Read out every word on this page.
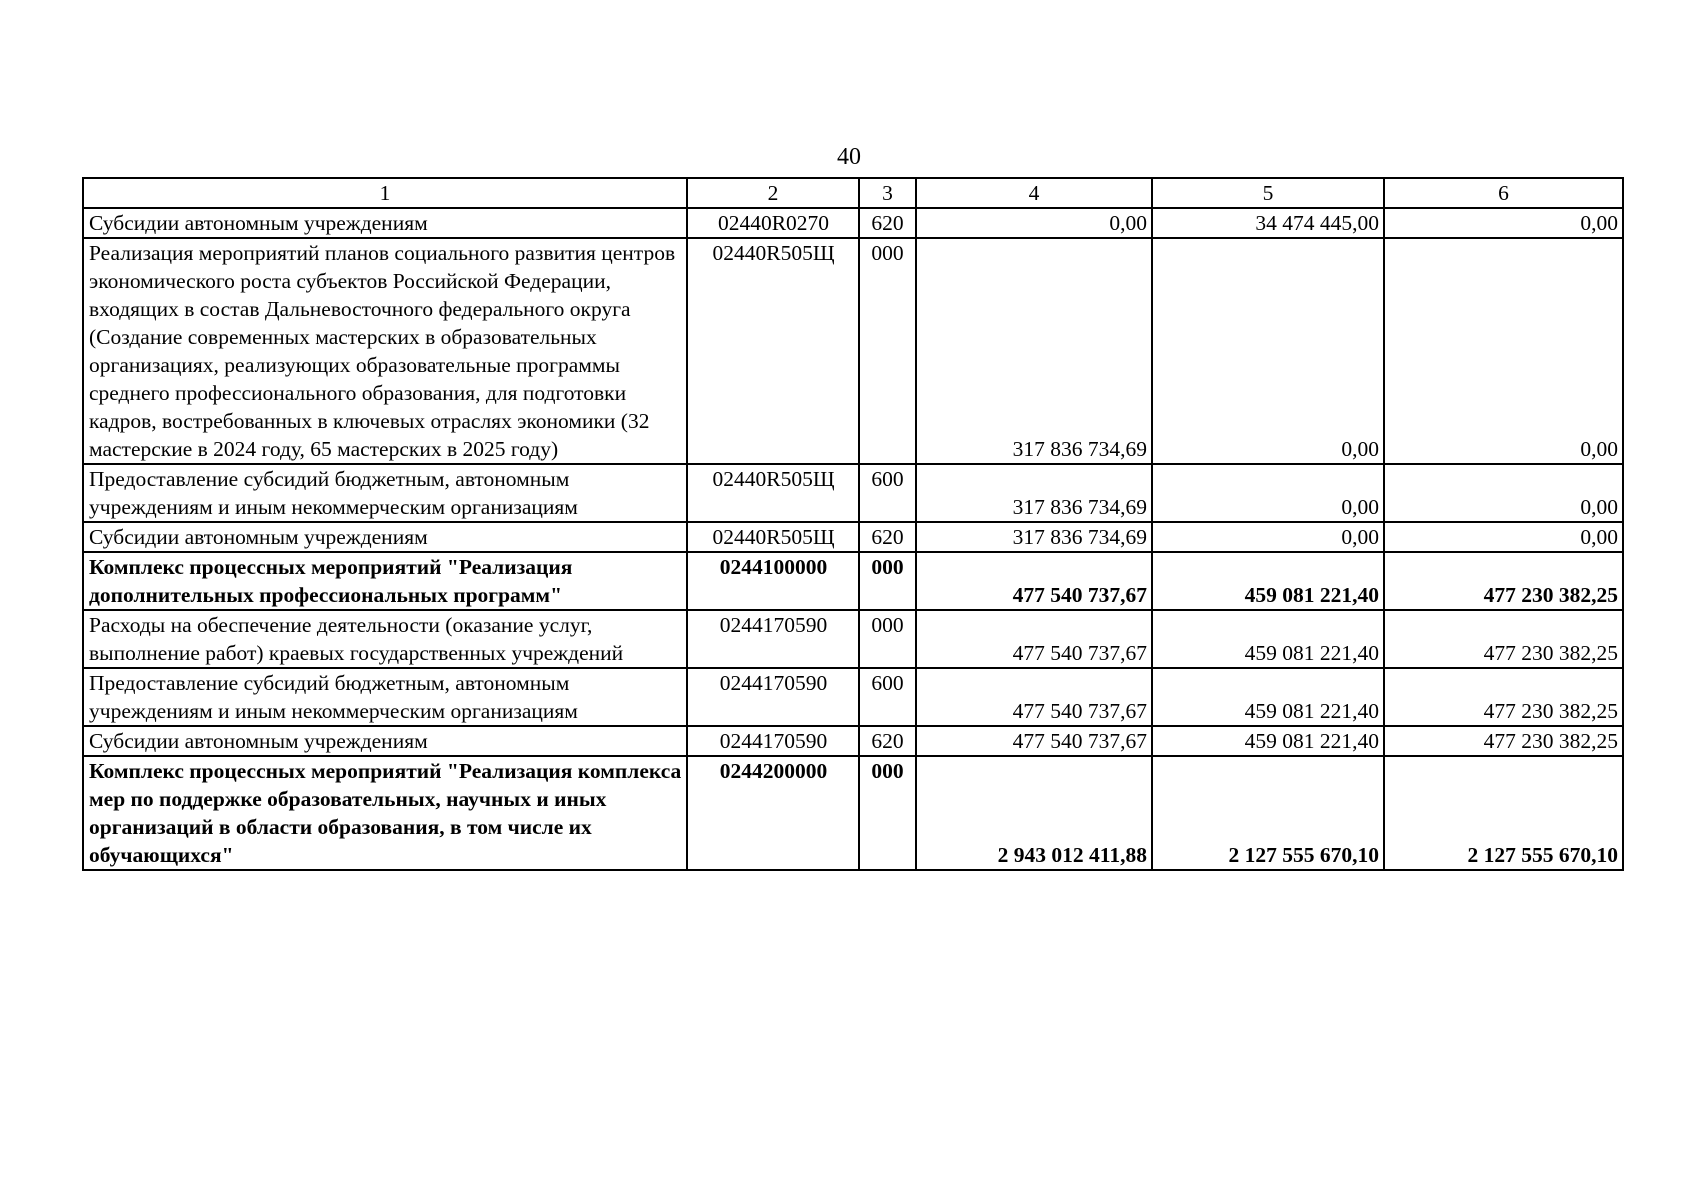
40
1	2	3	4	5	6
Субсидии автономным учреждениям	02440R0270	620	0,00	34 474 445,00	0,00
Реализация мероприятий планов социального развития центров экономического роста субъектов Российской Федерации, входящих в состав Дальневосточного федерального округа (Создание современных мастерских в образовательных организациях, реализующих образовательные программы среднего профессионального образования, для подготовки кадров, востребованных в ключевых отраслях экономики (32 мастерские в 2024 году, 65 мастерских в 2025 году)	02440R505Щ	000	317 836 734,69	0,00	0,00
Предоставление субсидий бюджетным, автономным учреждениям и иным некоммерческим организациям	02440R505Щ	600	317 836 734,69	0,00	0,00
Субсидии автономным учреждениям	02440R505Щ	620	317 836 734,69	0,00	0,00
Комплекс процессных мероприятий "Реализация дополнительных профессиональных программ"	0244100000	000	477 540 737,67	459 081 221,40	477 230 382,25
Расходы на обеспечение деятельности (оказание услуг, выполнение работ) краевых государственных учреждений	0244170590	000	477 540 737,67	459 081 221,40	477 230 382,25
Предоставление субсидий бюджетным, автономным учреждениям и иным некоммерческим организациям	0244170590	600	477 540 737,67	459 081 221,40	477 230 382,25
Субсидии автономным учреждениям	0244170590	620	477 540 737,67	459 081 221,40	477 230 382,25
Комплекс процессных мероприятий "Реализация комплекса мер по поддержке образовательных, научных и иных организаций в области образования, в том числе их обучающихся"	0244200000	000	2 943 012 411,88	2 127 555 670,10	2 127 555 670,10
